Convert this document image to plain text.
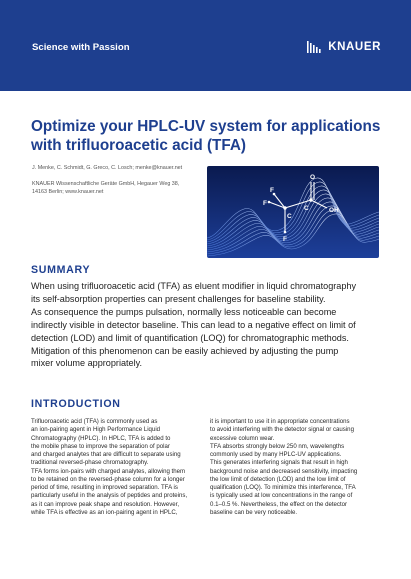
Science with Passion	KNAUER
Optimize your HPLC-UV system for applications
with trifluoroacetic acid (TFA)
J. Menke, C. Schmidt, G. Greco, C. Losch; menke@knauer.net
KNAUER Wissenschaftliche Geräte GmbH, Hegauer Weg 38,
14163 Berlin; www.knauer.net
C
C
F
F
F
O
OH
SUMMARY
When using trifluoroacetic acid (TFA) as eluent modifier in liquid chromatography
its self-absorption properties can present challenges for baseline stability.
As consequence the pumps pulsation, normally less noticeable can become
indirectly visible in detector baseline. This can lead to a negative effect on limit of
detection (LOD) and limit of quantification (LOQ) for chromatographic methods.
Mitigation of this phenomenon can be easily achieved by adjusting the pump
mixer volume appropriately.
INTRODUCTION
Trifluoroacetic acid (TFA) is commonly used as
an ion-pairing agent in High Performance Liquid
Chromatography (HPLC). In HPLC, TFA is added to
the mobile phase to improve the separation of polar
and charged analytes that are difficult to separate using
traditional reversed-phase chromatography.
TFA forms ion-pairs with charged analytes, allowing them
to be retained on the reversed-phase column for a longer
period of time, resulting in improved separation. TFA is
particularly useful in the analysis of peptides and proteins,
as it can improve peak shape and resolution. However,
while TFA is effective as an ion-pairing agent in HPLC,
it is important to use it in appropriate concentrations
to avoid interfering with the detector signal or causing
excessive column wear.
TFA absorbs strongly below 250 nm, wavelengths
commonly used by many HPLC-UV applications.
This generates interfering signals that result in high
background noise and decreased sensitivity, impacting
the low limit of detection (LOD) and the low limit of
qualification (LOQ). To minimize this interference, TFA
is typically used at low concentrations in the range of
0.1–0.5 %. Nevertheless, the effect on the detector
baseline can be very noticeable.
